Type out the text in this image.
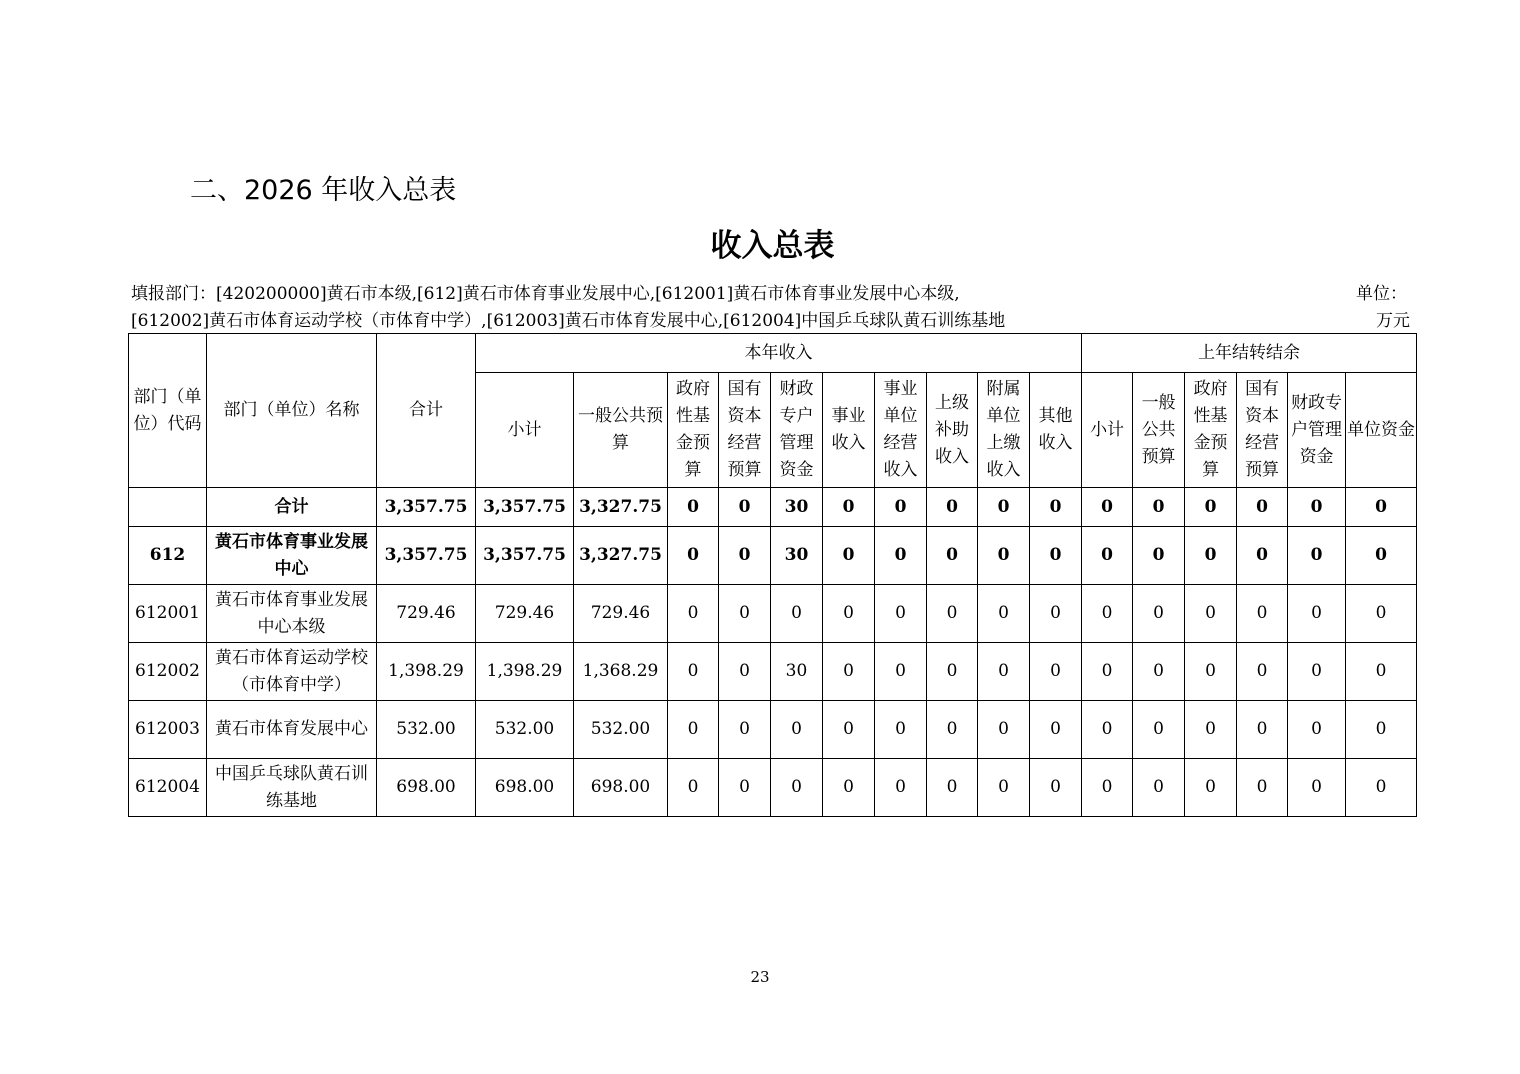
二、2026 年收入总表
收入总表
填报部门：[420200000]黄石市本级,[612]黄石市体育事业发展中心,[612001]黄石市体育事业发展中心本级,
[612002]黄石市体育运动学校（市体育中学）,[612003]黄石市体育发展中心,[612004]中国乒乓球队黄石训练基地
单位：
万元
部门（单位）代码	部门（单位）名称	合计	本年收入										上年结转结余					
			小计	一般公共预算	政府性基金预算	国有资本经营预算	财政专户管理资金	事业收入	事业单位经营收入	上级补助收入	附属单位上缴收入	其他收入	小计	一般公共预算	政府性基金预算	国有资本经营预算	财政专户管理资金	单位资金
	合计	3,357.75	3,357.75	3,327.75	0	0	30	0	0	0	0	0	0	0	0	0	0	0
612	黄石市体育事业发展中心	3,357.75	3,357.75	3,327.75	0	0	30	0	0	0	0	0	0	0	0	0	0	0
612001	黄石市体育事业发展中心本级	729.46	729.46	729.46	0	0	0	0	0	0	0	0	0	0	0	0	0	0
612002	黄石市体育运动学校（市体育中学）	1,398.29	1,398.29	1,368.29	0	0	30	0	0	0	0	0	0	0	0	0	0	0
612003	黄石市体育发展中心	532.00	532.00	532.00	0	0	0	0	0	0	0	0	0	0	0	0	0	0
612004	中国乒乓球队黄石训练基地	698.00	698.00	698.00	0	0	0	0	0	0	0	0	0	0	0	0	0	0
23
